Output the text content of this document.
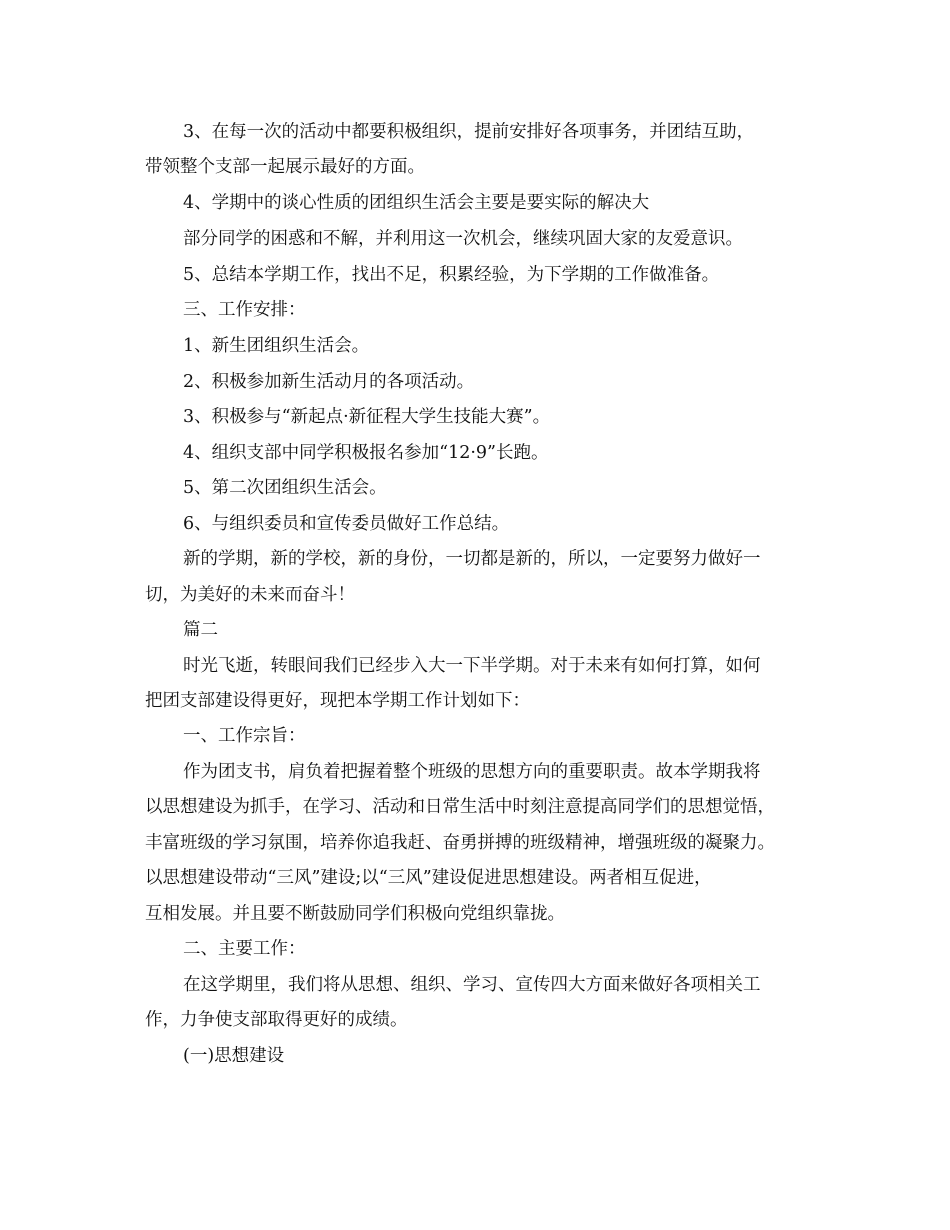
3、在每一次的活动中都要积极组织，提前安排好各项事务，并团结互助，
带领整个支部一起展示最好的方面。
4、学期中的谈心性质的团组织生活会主要是要实际的解决大
部分同学的困惑和不解，并利用这一次机会，继续巩固大家的友爱意识。
5、总结本学期工作，找出不足，积累经验，为下学期的工作做准备。
三、工作安排：
1、新生团组织生活会。
2、积极参加新生活动月的各项活动。
3、积极参与“新起点·新征程大学生技能大赛”。
4、组织支部中同学积极报名参加“12·9”长跑。
5、第二次团组织生活会。
6、与组织委员和宣传委员做好工作总结。
新的学期，新的学校，新的身份，一切都是新的，所以，一定要努力做好一
切，为美好的未来而奋斗！
篇二
时光飞逝，转眼间我们已经步入大一下半学期。对于未来有如何打算，如何
把团支部建设得更好，现把本学期工作计划如下：
一、工作宗旨：
作为团支书，肩负着把握着整个班级的思想方向的重要职责。故本学期我将
以思想建设为抓手，在学习、活动和日常生活中时刻注意提高同学们的思想觉悟，
丰富班级的学习氛围，培养你追我赶、奋勇拼搏的班级精神，增强班级的凝聚力。
以思想建设带动“三风”建设;以“三风”建设促进思想建设。两者相互促进，
互相发展。并且要不断鼓励同学们积极向党组织靠拢。
二、主要工作：
在这学期里，我们将从思想、组织、学习、宣传四大方面来做好各项相关工
作，力争使支部取得更好的成绩。
(一)思想建设
